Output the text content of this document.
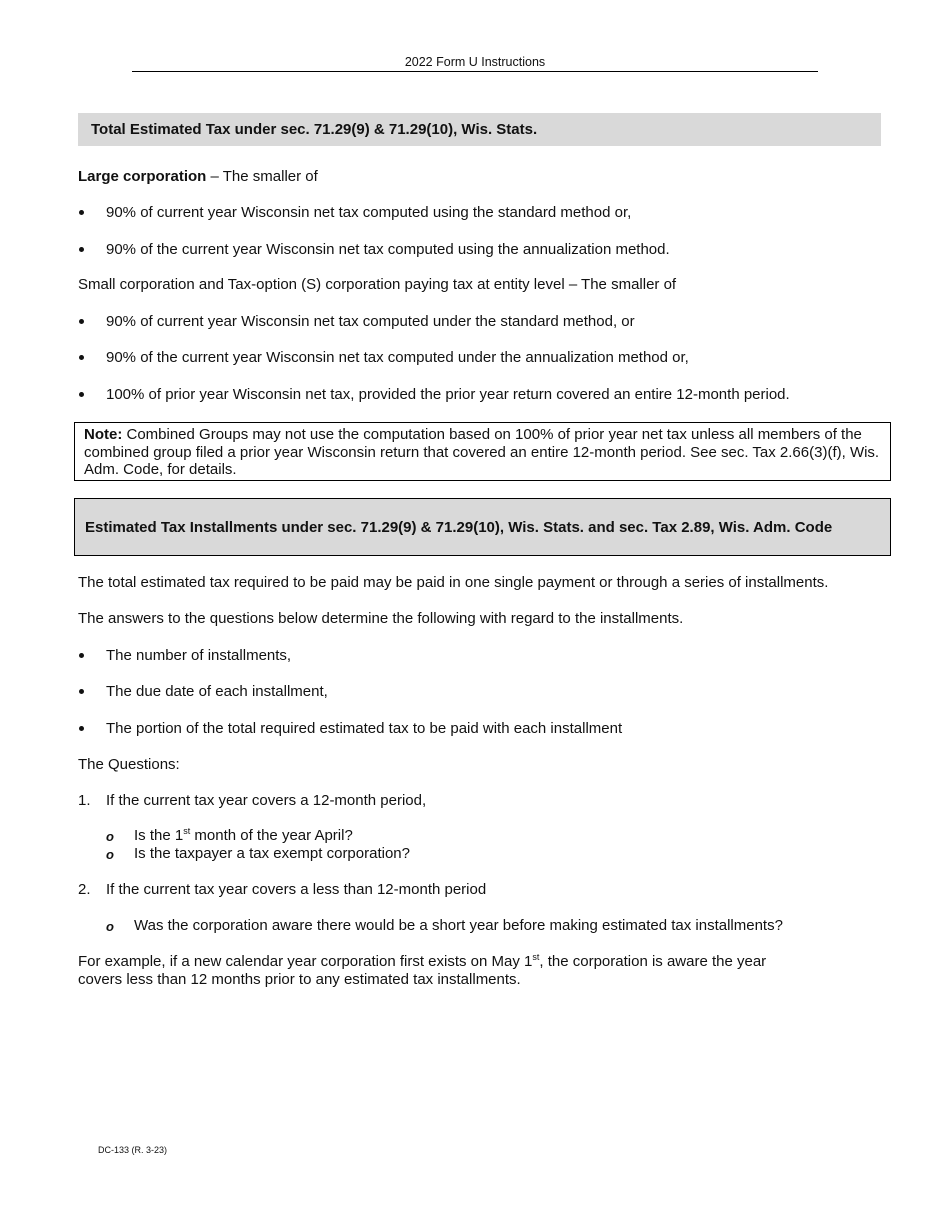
2022 Form U Instructions
Total Estimated Tax under sec. 71.29(9) & 71.29(10), Wis. Stats.
Large corporation – The smaller of
90% of current year Wisconsin net tax computed using the standard method or,
90% of the current year Wisconsin net tax computed using the annualization method.
Small corporation and Tax-option (S) corporation paying tax at entity level – The smaller of
90% of current year Wisconsin net tax computed under the standard method, or
90% of the current year Wisconsin net tax computed under the annualization method or,
100% of prior year Wisconsin net tax, provided the prior year return covered an entire 12-month period.
Note: Combined Groups may not use the computation based on 100% of prior year net tax unless all members of the combined group filed a prior year Wisconsin return that covered an entire 12-month period. See sec. Tax 2.66(3)(f), Wis. Adm. Code, for details.
Estimated Tax Installments under sec. 71.29(9) & 71.29(10), Wis. Stats. and sec. Tax 2.89, Wis. Adm. Code
The total estimated tax required to be paid may be paid in one single payment or through a series of installments.
The answers to the questions below determine the following with regard to the installments.
The number of installments,
The due date of each installment,
The portion of the total required estimated tax to be paid with each installment
The Questions:
1. If the current tax year covers a 12-month period,
o Is the 1st month of the year April?
o Is the taxpayer a tax exempt corporation?
2. If the current tax year covers a less than 12-month period
o Was the corporation aware there would be a short year before making estimated tax installments?
For example, if a new calendar year corporation first exists on May 1st, the corporation is aware the year
covers less than 12 months prior to any estimated tax installments.
DC-133 (R. 3-23)
